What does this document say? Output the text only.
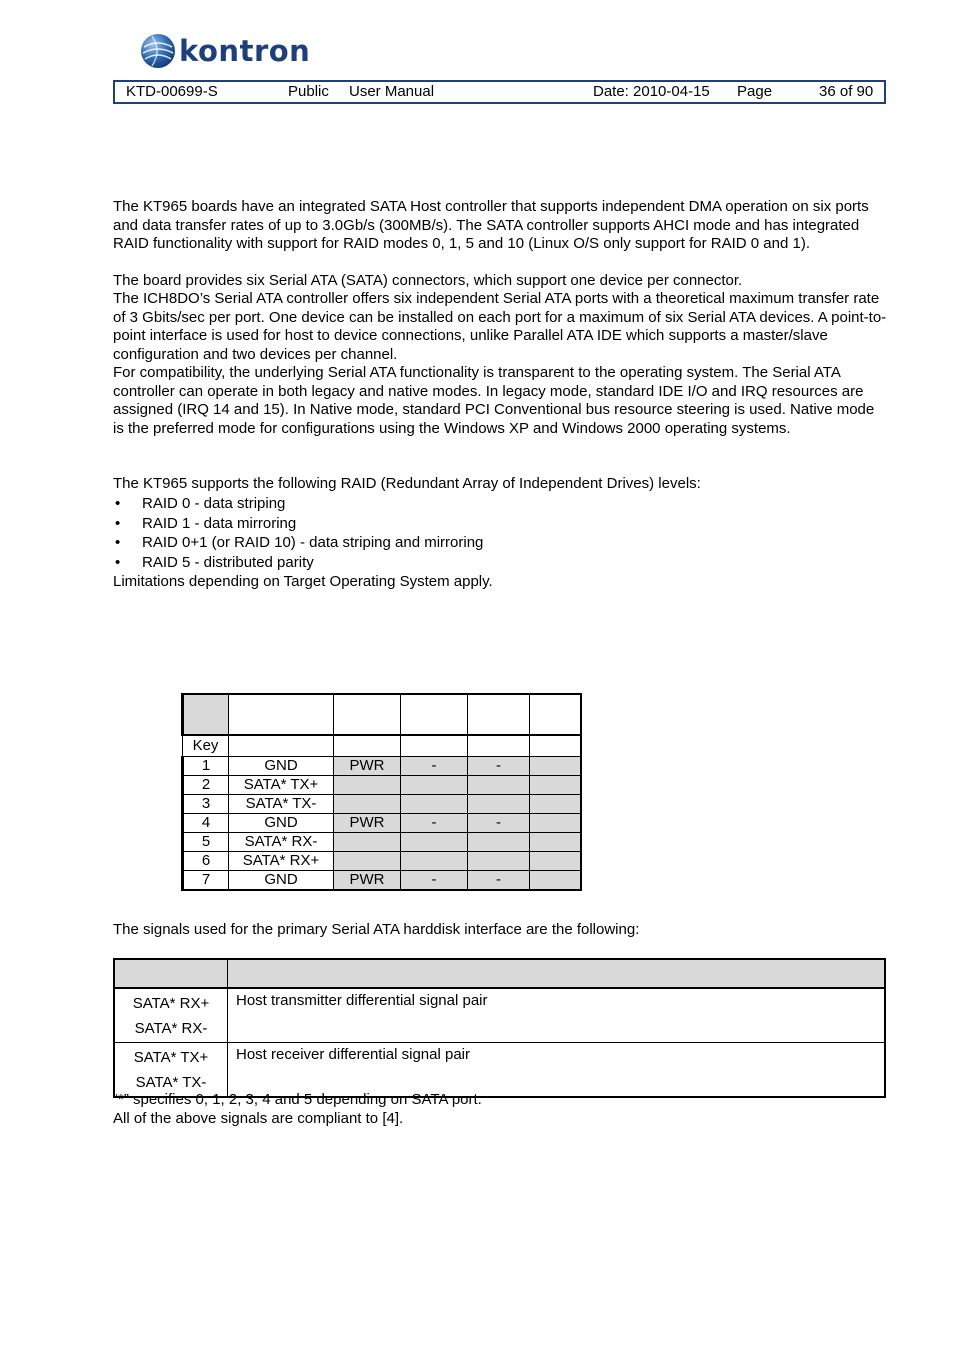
kontron
KTD-00699-S	Public User Manual	Date: 2010-04-15 Page	36 of 90

The KT965 boards have an integrated SATA Host controller that supports independent DMA operation on six ports and data transfer rates of up to 3.0Gb/s (300MB/s). The SATA controller supports AHCI mode and has integrated RAID functionality with support for RAID modes 0, 1, 5 and 10 (Linux O/S only support for RAID 0 and 1).

The board provides six Serial ATA (SATA) connectors, which support one device per connector.

The ICH8DO’s Serial ATA controller offers six independent Serial ATA ports with a theoretical maximum transfer rate of 3 Gbits/sec per port. One device can be installed on each port for a maximum of six Serial ATA devices. A point-to-point interface is used for host to device connections, unlike Parallel ATA IDE which supports a master/slave configuration and two devices per channel.

For compatibility, the underlying Serial ATA functionality is transparent to the operating system. The Serial ATA controller can operate in both legacy and native modes. In legacy mode, standard IDE I/O and IRQ resources are assigned (IRQ 14 and 15). In Native mode, standard PCI Conventional bus resource steering is used. Native mode is the preferred mode for configurations using the Windows XP and Windows 2000 operating systems.

The KT965 supports the following RAID (Redundant Array of Independent Drives) levels:

• RAID 0 - data striping
• RAID 1 - data mirroring
• RAID 0+1 (or RAID 10) - data striping and mirroring
• RAID 5 - distributed parity

Limitations depending on Target Operating System apply.

Key					
1	GND	PWR	-	-	
2	SATA* TX+				
3	SATA* TX-				
4	GND	PWR	-	-	
5	SATA* RX-				
6	SATA* RX+				
7	GND	PWR	-	-	

The signals used for the primary Serial ATA harddisk interface are the following:

SATA* RX+
SATA* RX-	Host transmitter differential signal pair

SATA* TX+
SATA* TX-	Host receiver differential signal pair

“*” specifies 0, 1, 2, 3, 4 and 5 depending on SATA port.

All of the above signals are compliant to [4].
